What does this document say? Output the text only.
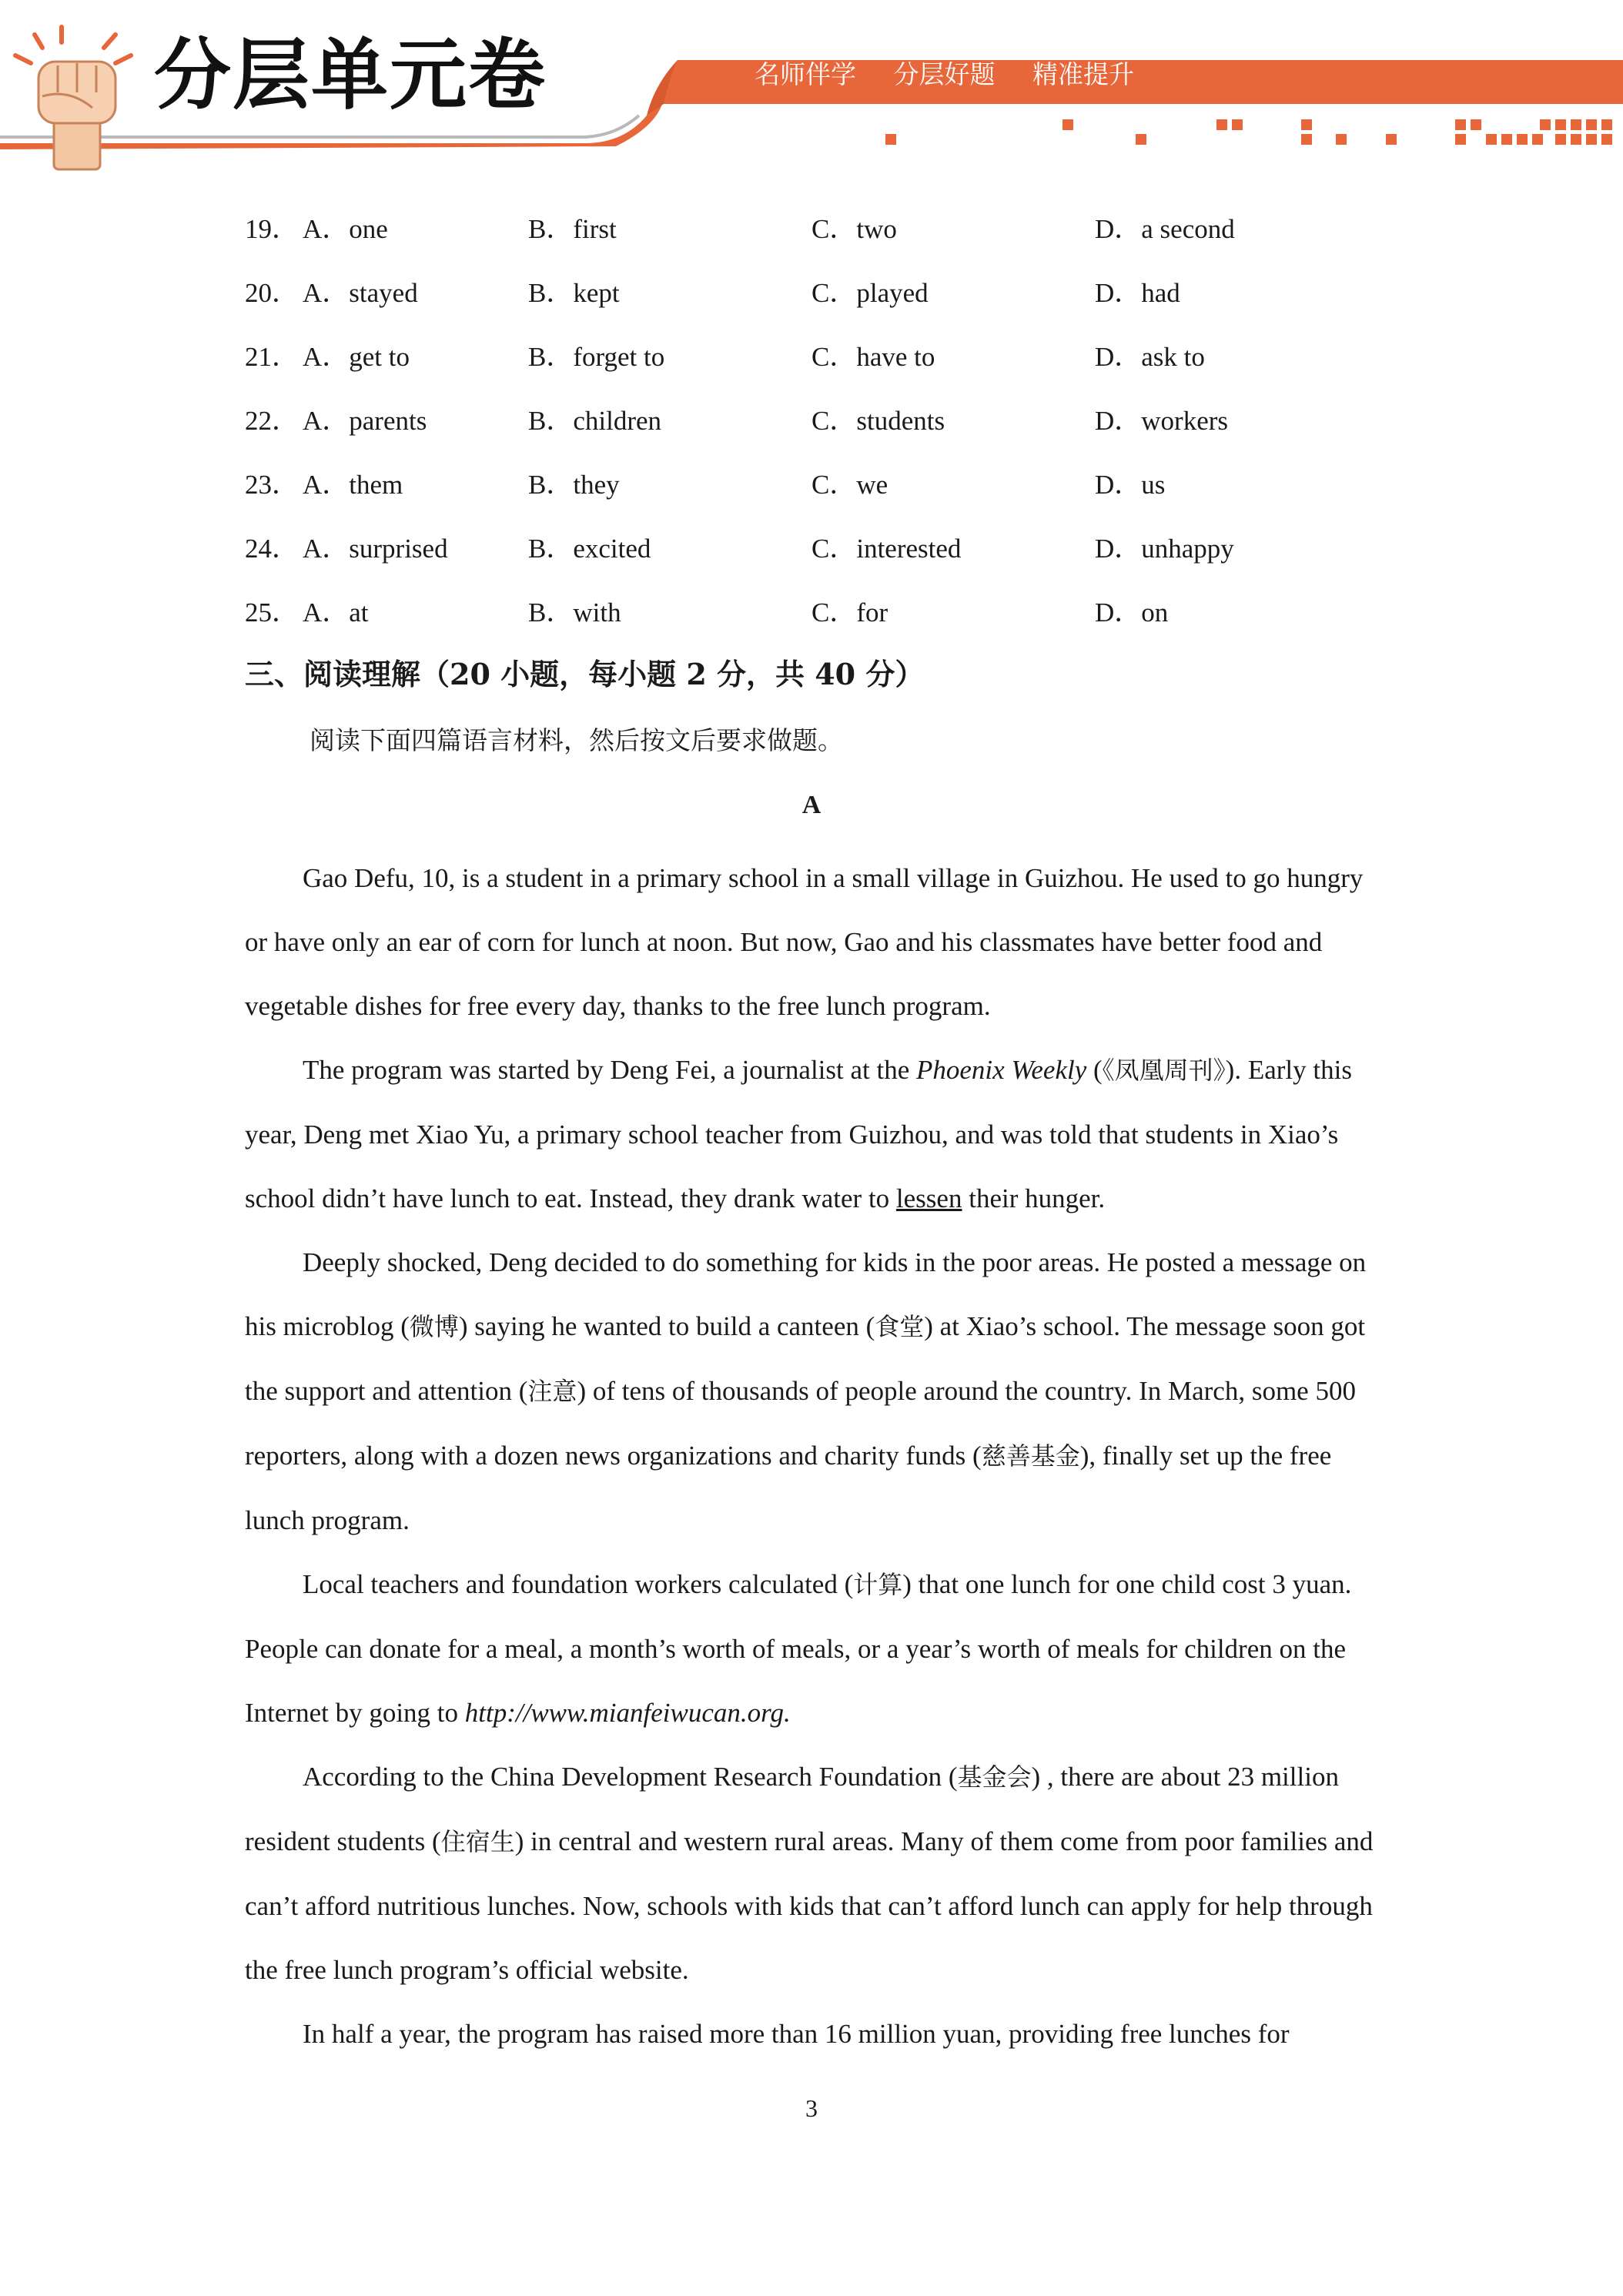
分层单元卷	名师伴学 分层好题 精准提升
19． A．one	B．first	C．two	D．a second
20． A．stayed	B．kept	C．played	D．had
21． A．get to	B．forget to	C．have to	D．ask to
22． A．parents	B．children	C．students	D．workers
23． A．them	B．they	C．we	D．us
24． A．surprised	B．excited	C．interested	D．unhappy
25． A．at	B．with	C．for	D．on
三、阅读理解（20 小题，每小题 2 分，共 40 分）
阅读下面四篇语言材料，然后按文后要求做题。
A

Gao Defu, 10, is a student in a primary school in a small village in Guizhou. He used to go hungry or have only an ear of corn for lunch at noon. But now, Gao and his classmates have better food and vegetable dishes for free every day, thanks to the free lunch program.

The program was started by Deng Fei, a journalist at the Phoenix Weekly (《凤凰周刊》). Early this year, Deng met Xiao Yu, a primary school teacher from Guizhou, and was told that students in Xiao’s school didn’t have lunch to eat. Instead, they drank water to lessen their hunger.

Deeply shocked, Deng decided to do something for kids in the poor areas. He posted a message on his microblog (微博) saying he wanted to build a canteen (食堂) at Xiao’s school. The message soon got the support and attention (注意) of tens of thousands of people around the country. In March, some 500 reporters, along with a dozen news organizations and charity funds (慈善基金), finally set up the free lunch program.

Local teachers and foundation workers calculated (计算) that one lunch for one child cost 3 yuan. People can donate for a meal, a month’s worth of meals, or a year’s worth of meals for children on the Internet by going to http://www.mianfeiwucan.org.

According to the China Development Research Foundation (基金会) , there are about 23 million resident students (住宿生) in central and western rural areas. Many of them come from poor families and can’t afford nutritious lunches. Now, schools with kids that can’t afford lunch can apply for help through the free lunch program’s official website.

In half a year, the program has raised more than 16 million yuan, providing free lunches for

3
